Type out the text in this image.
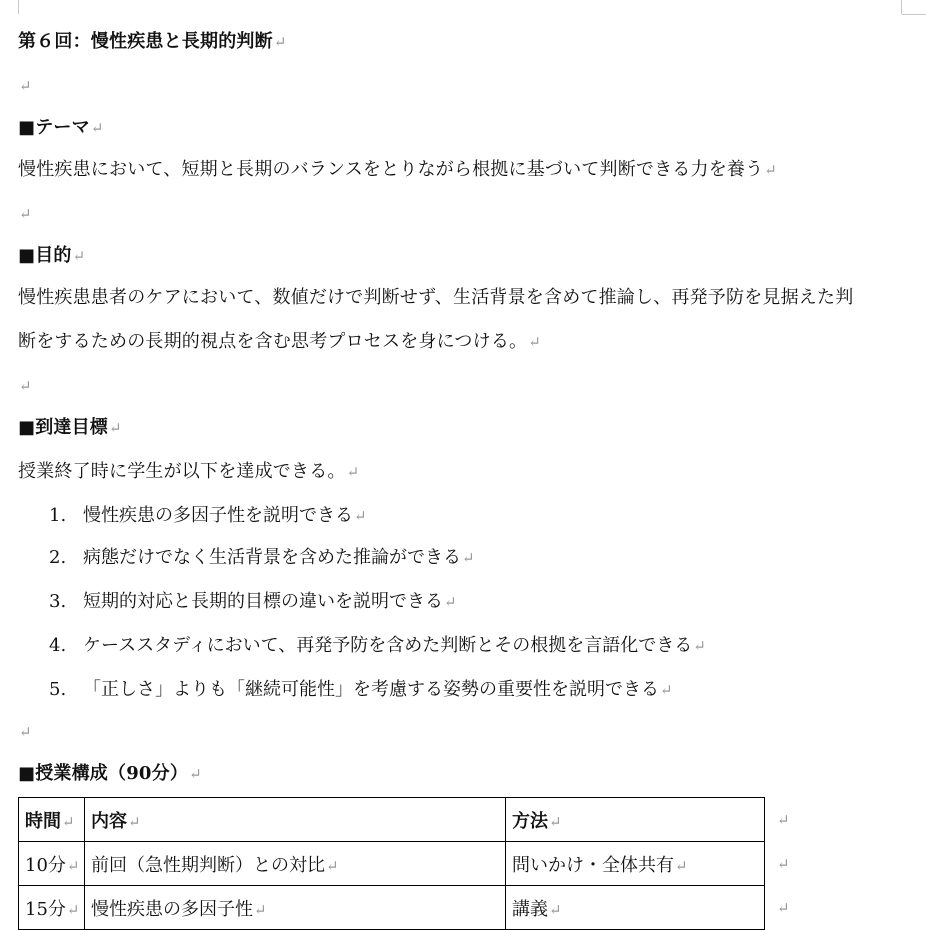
第６回：慢性疾患と長期的判断↵
↵
■テーマ↵
慢性疾患において、短期と長期のバランスをとりながら根拠に基づいて判断できる力を養う↵
↵
■目的↵
慢性疾患患者のケアにおいて、数値だけで判断せず、生活背景を含めて推論し、再発予防を見据えた判
断をするための長期的視点を含む思考プロセスを身につける。↵
↵
■到達目標↵
授業終了時に学生が以下を達成できる。↵
1. 慢性疾患の多因子性を説明できる↵
2. 病態だけでなく生活背景を含めた推論ができる↵
3. 短期的対応と長期的目標の違いを説明できる↵
4. ケーススタディにおいて、再発予防を含めた判断とその根拠を言語化できる↵
5. 「正しさ」よりも「継続可能性」を考慮する姿勢の重要性を説明できる↵
↵
■授業構成（90分）↵
時間↵	内容↵	方法↵
10分↵	前回（急性期判断）との対比↵	問いかけ・全体共有↵
15分↵	慢性疾患の多因子性↵	講義↵
↵
↵
↵
